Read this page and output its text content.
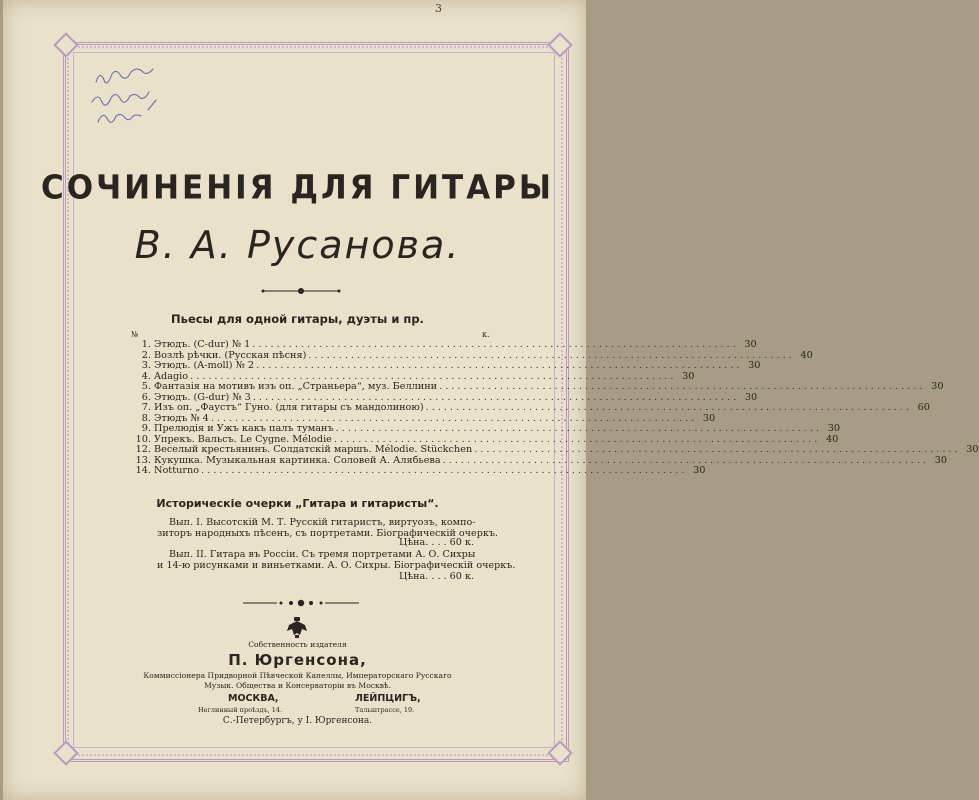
3
СОЧИНЕНІЯ ДЛЯ ГИТАРЫ
В. А. Русанова.
Пьесы для одной гитары, дуэты и пр.
№	к.
1. Этюдъ. (C-dur) № 1 ................................................................................ 30
2. Возлѣ рѣчки. (Русская пѣсня) ................................................................................ 40
3. Этюдъ. (A-moll) № 2 ................................................................................ 30
4. Adagio ................................................................................ 30
5. Фантазія на мотивъ изъ оп. „Страньера“, муз. Беллини ................................................................................ 30
6. Этюдъ. (G-dur) № 3 ................................................................................ 30
7. Изъ оп. „Фаустъ“ Гуно. (для гитары съ мандолиною) ................................................................................ 60
8. Этюдъ № 4 ................................................................................ 30
9. Прелюдія и Ужъ какъ палъ туманъ ................................................................................ 30
10. Упрекъ. Вальсъ. Le Cygne. Mélodie ................................................................................ 40
12. Веселый крестьянинъ. Солдатскій маршъ. Mélodie. Stückchen ................................................................................ 30
13. Кукушка. Музыкальная картинка. Соловей А. Алябьева ................................................................................ 30
14. Notturno ................................................................................ 30
Историческіе очерки „Гитара и гитаристы“.
Вып. I. Высотскій М. Т. Русскій гитаристъ, виртуозъ, компо-
зиторъ народныхъ пѣсенъ, съ портретами. Біографическій очеркъ.
Цѣна. . . . 60 к.
Вып. II. Гитара въ Россіи. Съ тремя портретами А. О. Сихры
и 14-ю рисунками и виньетками. А. О. Сихры. Біографическій очеркъ.
Цѣна. . . . 60 к.
Собственность издателя
П. Юргенсона,
Коммиссіонера Придворной Пѣвческой Капеллы, Императорскаго Русскаго
Музык. Общества и Консерваторіи въ Москвѣ.
МОСКВА,	ЛЕЙПЦИГЪ,
Неглинный проѣздъ, 14.	Тальштрассе, 19.
С.-Петербургъ, у I. Юргенсона.
